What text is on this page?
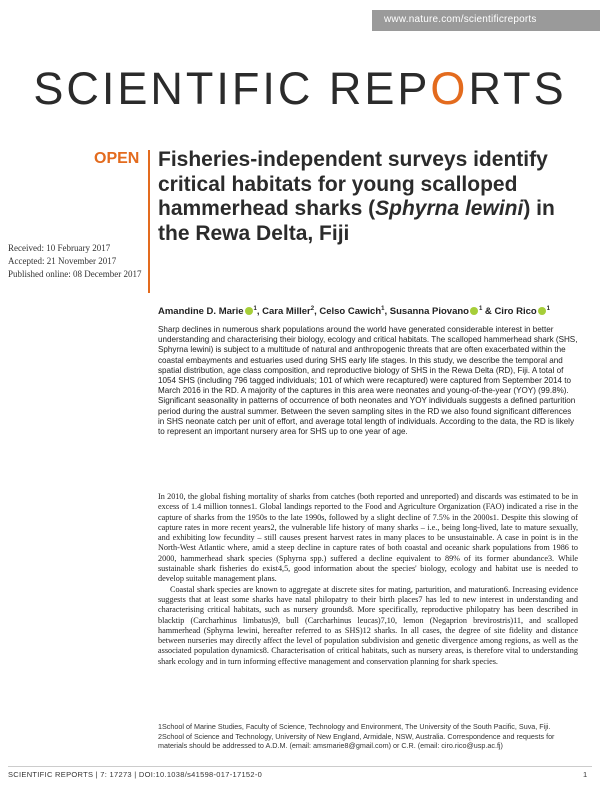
www.nature.com/scientificreports
SCIENTIFIC REPORTS
OPEN Fisheries-independent surveys identify critical habitats for young scalloped hammerhead sharks (Sphyrna lewini) in the Rewa Delta, Fiji
Received: 10 February 2017
Accepted: 21 November 2017
Published online: 08 December 2017
Amandine D. Marie $^1$, Cara Miller$^2$, Celso Cawich$^1$, Susanna Piovano $^1$ & Ciro Rico $^1$

Sharp declines in numerous shark populations around the world have generated considerable interest in better understanding and characterising their biology, ecology and critical habitats. The scalloped hammerhead shark (SHS, Sphyrna lewini) is subject to a multitude of natural and anthropogenic threats that are often exacerbated within the coastal embayments and estuaries used during SHS early life stages. In this study, we describe the temporal and spatial distribution, age class composition, and reproductive biology of SHS in the Rewa Delta (RD), Fiji. A total of 1054 SHS (including 796 tagged individuals; 101 of which were recaptured) were captured from September 2014 to March 2016 in the RD. A majority of the captures in this area were neonates and young-of-the-year (YOY) (99.8%). Significant seasonality in patterns of occurrence of both neonates and YOY individuals suggests a defined parturition period during the austral summer. Between the seven sampling sites in the RD we also found significant differences in SHS neonate catch per unit of effort, and average total length of individuals. According to the data, the RD is likely to represent an important nursery area for SHS up to one year of age.

In 2010, the global fishing mortality of sharks from catches (both reported and unreported) and discards was estimated to be in excess of 1.4 million tonnes1. Global landings reported to the Food and Agriculture Organization (FAO) indicated a rise in the capture of sharks from the 1950s to the late 1990s, followed by a slight decline of 7.5% in the 2000s1. Despite this slowing of capture rates in more recent years2, the vulnerable life history of many sharks – i.e., being long-lived, late to mature sexually, and exhibiting low fecundity – still causes present harvest rates in many places to be unsustainable. A case in point is in the North-West Atlantic where, amid a steep decline in capture rates of both coastal and oceanic shark populations from 1986 to 2000, hammerhead shark species (Sphyrna spp.) suffered a decline equivalent to 89% of its former abundance3. While sustainable shark fisheries do exist4,5, good information about the species' biology, ecology and habitat use is needed to develop suitable management plans.

Coastal shark species are known to aggregate at discrete sites for mating, parturition, and maturation6. Increasing evidence suggests that at least some sharks have natal philopatry to their birth places7 has led to new interest in understanding and characterising critical habitats, such as nursery grounds8. More specifically, reproductive philopatry has been described in blacktip (Carcharhinus limbatus)9, bull (Carcharhinus leucas)7,10, lemon (Negaprion brevirostris)11, and scalloped hammerhead (Sphyrna lewini, hereafter referred to as SHS)12 sharks. In all cases, the degree of site fidelity and distance between nurseries may directly affect the level of population subdivision and genetic divergence among regions, as well as the associated population dynamics8. Characterisation of critical habitats, such as nursery areas, is therefore vital to understanding shark ecology and in turn informing effective management and conservation planning for shark species.

1School of Marine Studies, Faculty of Science, Technology and Environment, The University of the South Pacific, Suva, Fiji. 2School of Science and Technology, University of New England, Armidale, NSW, Australia. Correspondence and requests for materials should be addressed to A.D.M. (email: amsmarie8@gmail.com) or C.R. (email: ciro.rico@usp.ac.fj)
SCIENTIFIC REPORTS | 7: 17273 | DOI:10.1038/s41598-017-17152-0	1
